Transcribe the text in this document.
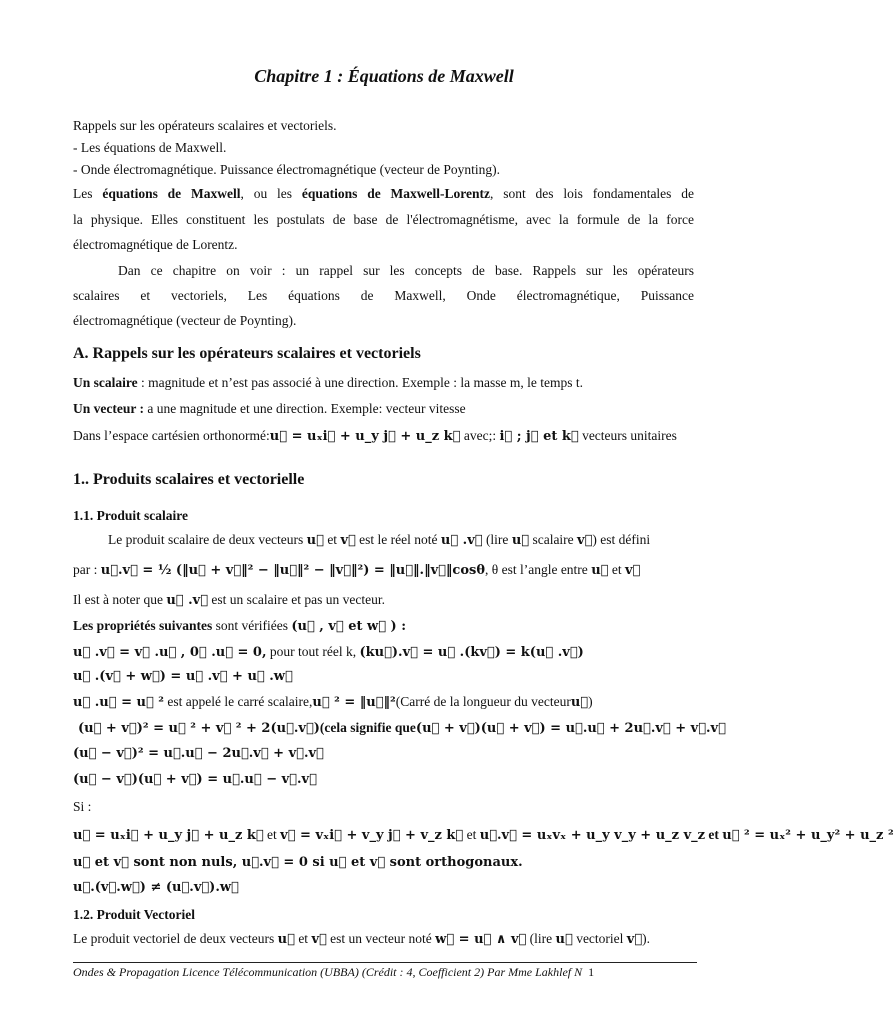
Chapitre 1 : Équations de Maxwell
Rappels sur les opérateurs scalaires et vectoriels.
- Les équations de Maxwell.
- Onde électromagnétique. Puissance électromagnétique (vecteur de Poynting).
Les équations de Maxwell, ou les équations de Maxwell-Lorentz, sont des lois fondamentales de
la physique. Elles constituent les postulats de base de l'électromagnétisme, avec la formule de la force
électromagnétique de Lorentz.
Dan ce chapitre on voir : un rappel sur les concepts de base. Rappels sur les opérateurs
scalaires et vectoriels, Les équations de Maxwell, Onde électromagnétique, Puissance
électromagnétique (vecteur de Poynting).
A. Rappels sur les opérateurs scalaires et vectoriels
Un scalaire : magnitude et n’est pas associé à une direction. Exemple : la masse m, le temps t.
Un vecteur : a une magnitude et une direction. Exemple: vecteur vitesse
Dans l’espace cartésien orthonormé:u⃗ = uₓi⃗ + u_y j⃗ + u_z k⃗ avec;: i⃗ ; j⃗ et k⃗ vecteurs unitaires
1.. Produits scalaires et vectorielle
1.1. Produit scalaire
Le produit scalaire de deux vecteurs u⃗ et v⃗ est le réel noté u⃗ .v⃗ (lire u⃗ scalaire v⃗) est défini
par : u⃗.v⃗ = ½ (‖u⃗ + v⃗‖² − ‖u⃗‖² − ‖v⃗‖²) = ‖u⃗‖.‖v⃗‖cosθ, θ est l’angle entre u⃗ et v⃗
Il est à noter que u⃗ .v⃗ est un scalaire et pas un vecteur.
Les propriétés suivantes sont vérifiées (u⃗ , v⃗ et w⃗ ) :
u⃗ .v⃗ = v⃗ .u⃗ , 0⃗ .u⃗ = 0, pour tout réel k, (ku⃗).v⃗ = u⃗ .(kv⃗) = k(u⃗ .v⃗)
u⃗ .(v⃗ + w⃗) = u⃗ .v⃗ + u⃗ .w⃗
u⃗ .u⃗ = u⃗ ² est appelé le carré scalaire,u⃗ ² = ‖u⃗‖²(Carré de la longueur du vecteuru⃗)
(u⃗ + v⃗)² = u⃗ ² + v⃗ ² + 2(u⃗.v⃗)(cela signifie que(u⃗ + v⃗)(u⃗ + v⃗) = u⃗.u⃗ + 2u⃗.v⃗ + v⃗.v⃗
(u⃗ − v⃗)² = u⃗.u⃗ − 2u⃗.v⃗ + v⃗.v⃗
(u⃗ − v⃗)(u⃗ + v⃗) = u⃗.u⃗ − v⃗.v⃗
Si :
u⃗ = uₓi⃗ + u_y j⃗ + u_z k⃗ et v⃗ = vₓi⃗ + v_y j⃗ + v_z k⃗ et u⃗.v⃗ = uₓvₓ + u_y v_y + u_z v_z et u⃗ ² = uₓ² + u_y² + u_z ²
u⃗ et v⃗ sont non nuls, u⃗.v⃗ = 0 si u⃗ et v⃗ sont orthogonaux.
u⃗.(v⃗.w⃗) ≠ (u⃗.v⃗).w⃗
1.2. Produit Vectoriel
Le produit vectoriel de deux vecteurs u⃗ et v⃗ est un vecteur noté w⃗ = u⃗ ∧ v⃗ (lire u⃗ vectoriel v⃗).
Ondes & Propagation Licence Télécommunication (UBBA) (Crédit : 4, Coefficient 2) Par Mme Lakhlef N 1
